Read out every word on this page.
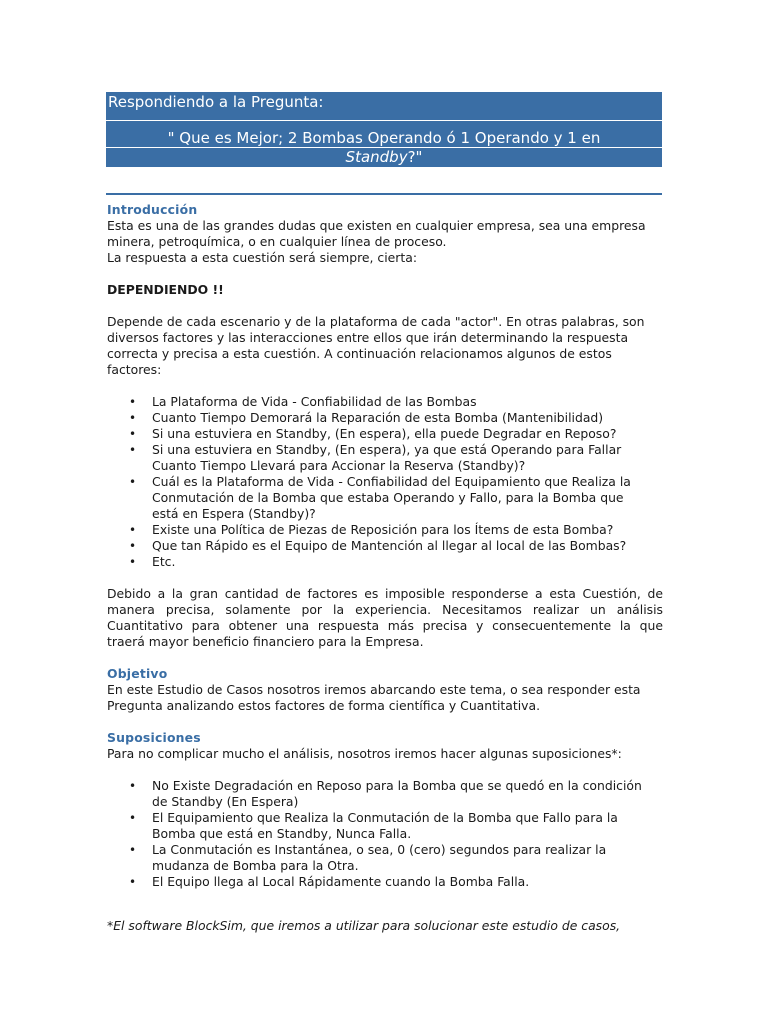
Respondiendo a la Pregunta:
" Que es Mejor; 2 Bombas Operando ó 1 Operando y 1 en
Standby?"
Introducción

Esta es una de las grandes dudas que existen en cualquier empresa, sea una empresa

minera, petroquímica, o en cualquier línea de proceso.

La respuesta a esta cuestión será siempre, cierta:

DEPENDIENDO !!

Depende de cada escenario y de la plataforma de cada "actor". En otras palabras, son

diversos factores y las interacciones entre ellos que irán determinando la respuesta

correcta y precisa a esta cuestión. A continuación relacionamos algunos de estos

factores:

• La Plataforma de Vida - Confiabilidad de las Bombas
• Cuanto Tiempo Demorará la Reparación de esta Bomba (Mantenibilidad)
• Si una estuviera en Standby, (En espera), ella puede Degradar en Reposo?
• Si una estuviera en Standby, (En espera), ya que está Operando para Fallar
Cuanto Tiempo Llevará para Accionar la Reserva (Standby)?
• Cuál es la Plataforma de Vida - Confiabilidad del Equipamiento que Realiza la
Conmutación de la Bomba que estaba Operando y Fallo, para la Bomba que
está en Espera (Standby)?
• Existe una Política de Piezas de Reposición para los Ítems de esta Bomba?
• Que tan Rápido es el Equipo de Mantención al llegar al local de las Bombas?
• Etc.

Debido a la gran cantidad de factores es imposible responderse a esta Cuestión, de

manera precisa, solamente por la experiencia. Necesitamos realizar un análisis

Cuantitativo para obtener una respuesta más precisa y consecuentemente la que

traerá mayor beneficio financiero para la Empresa.

Objetivo

En este Estudio de Casos nosotros iremos abarcando este tema, o sea responder esta

Pregunta analizando estos factores de forma científica y Cuantitativa.

Suposiciones

Para no complicar mucho el análisis, nosotros iremos hacer algunas suposiciones*:

• No Existe Degradación en Reposo para la Bomba que se quedó en la condición
de Standby (En Espera)
• El Equipamiento que Realiza la Conmutación de la Bomba que Fallo para la
Bomba que está en Standby, Nunca Falla.
• La Conmutación es Instantánea, o sea, 0 (cero) segundos para realizar la
mudanza de Bomba para la Otra.
• El Equipo llega al Local Rápidamente cuando la Bomba Falla.

*El software BlockSim, que iremos a utilizar para solucionar este estudio de casos,
